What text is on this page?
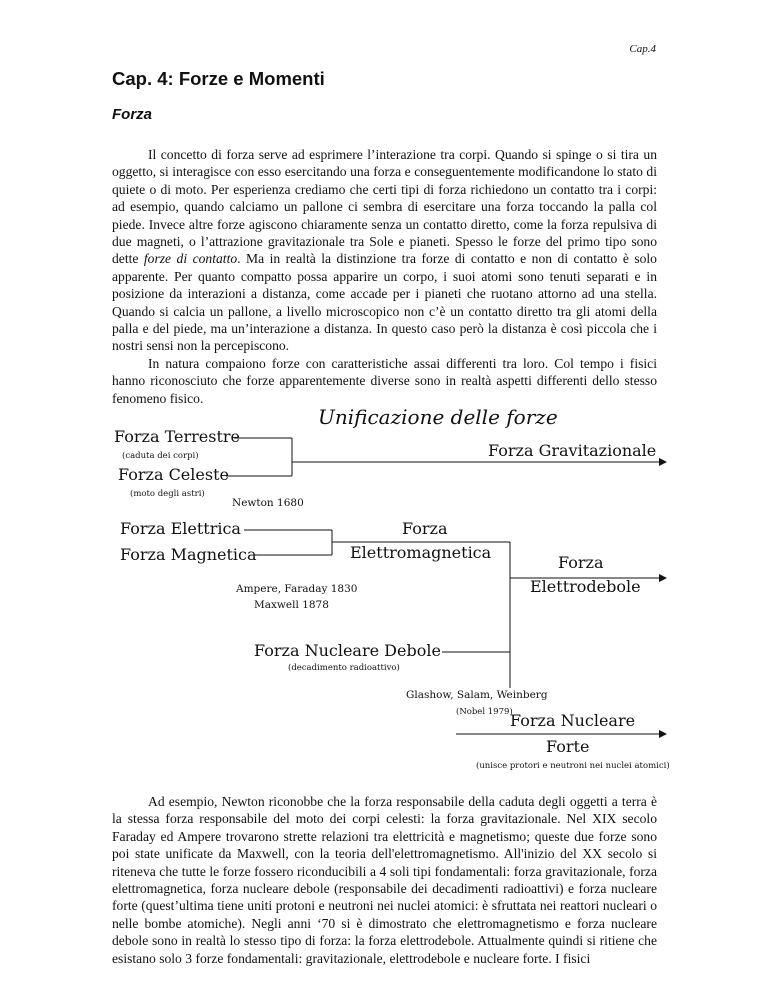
Cap.4
Cap. 4: Forze e Momenti
Forza

Il concetto di forza serve ad esprimere l’interazione tra corpi. Quando si spinge o si tira un oggetto, si interagisce con esso esercitando una forza e conseguentemente modificandone lo stato di quiete o di moto. Per esperienza crediamo che certi tipi di forza richiedono un contatto tra i corpi: ad esempio, quando calciamo un pallone ci sembra di esercitare una forza toccando la palla col piede. Invece altre forze agiscono chiaramente senza un contatto diretto, come la forza repulsiva di due magneti, o l’attrazione gravitazionale tra Sole e pianeti. Spesso le forze del primo tipo sono dette forze di contatto. Ma in realtà la distinzione tra forze di contatto e non di contatto è solo apparente. Per quanto compatto possa apparire un corpo, i suoi atomi sono tenuti separati e in posizione da interazioni a distanza, come accade per i pianeti che ruotano attorno ad una stella. Quando si calcia un pallone, a livello microscopico non c’è un contatto diretto tra gli atomi della palla e del piede, ma un’interazione a distanza. In questo caso però la distanza è così piccola che i nostri sensi non la percepiscono.

In natura compaiono forze con caratteristiche assai differenti tra loro. Col tempo i fisici hanno riconosciuto che forze apparentemente diverse sono in realtà aspetti differenti dello stesso fenomeno fisico.

Unificazione delle forze
Forza Terrestre
(caduta dei corpi)
Forza Celeste
(moto degli astri)
Forza Gravitazionale
Newton 1680
Forza Elettrica
Forza Magnetica
Forza
Elettromagnetica
Ampere, Faraday 1830
Maxwell 1878
Forza
Elettrodebole
Forza Nucleare Debole
(decadimento radioattivo)
Glashow, Salam, Weinberg
(Nobel 1979)
Forza Nucleare
Forte
(unisce protori e neutroni nei nuclei atomici)

Ad esempio, Newton riconobbe che la forza responsabile della caduta degli oggetti a terra è la stessa forza responsabile del moto dei corpi celesti: la forza gravitazionale. Nel XIX secolo Faraday ed Ampere trovarono strette relazioni tra elettricità e magnetismo; queste due forze sono poi state unificate da Maxwell, con la teoria dell'elettromagnetismo. All'inizio del XX secolo si riteneva che tutte le forze fossero riconducibili a 4 soli tipi fondamentali: forza gravitazionale, forza elettromagnetica, forza nucleare debole (responsabile dei decadimenti radioattivi) e forza nucleare forte (quest’ultima tiene uniti protoni e neutroni nei nuclei atomici: è sfruttata nei reattori nucleari o nelle bombe atomiche). Negli anni ‘70 si è dimostrato che elettromagnetismo e forza nucleare debole sono in realtà lo stesso tipo di forza: la forza elettrodebole. Attualmente quindi si ritiene che esistano solo 3 forze fondamentali: gravitazionale, elettrodebole e nucleare forte. I fisici
